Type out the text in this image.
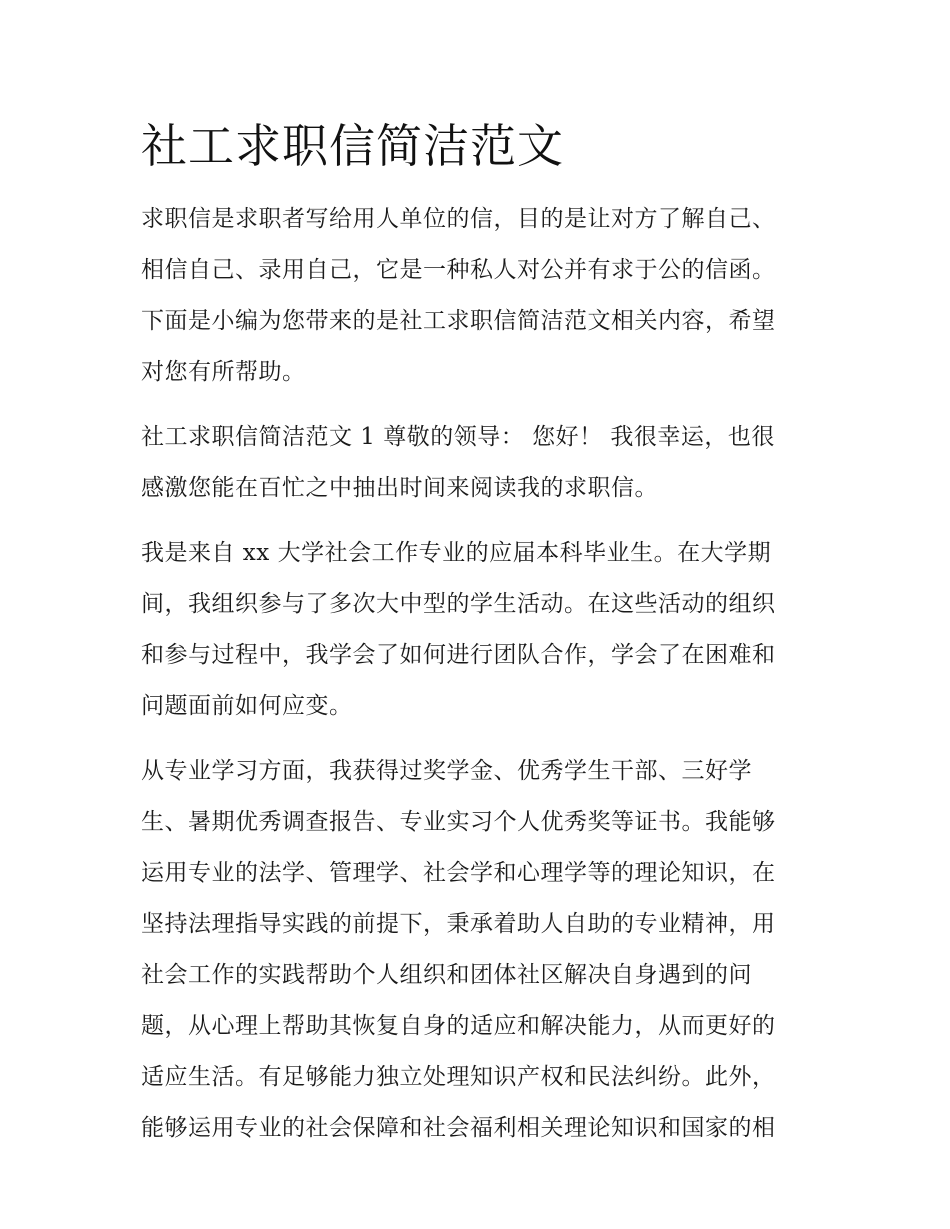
社工求职信简洁范文

求职信是求职者写给用人单位的信，目的是让对方了解自己、
相信自己、录用自己，它是一种私人对公并有求于公的信函。
下面是小编为您带来的是社工求职信简洁范文相关内容，希望
对您有所帮助。

社工求职信简洁范文 1 尊敬的领导： 您好！ 我很幸运，也很
感激您能在百忙之中抽出时间来阅读我的求职信。

我是来自 xx 大学社会工作专业的应届本科毕业生。在大学期
间，我组织参与了多次大中型的学生活动。在这些活动的组织
和参与过程中，我学会了如何进行团队合作，学会了在困难和
问题面前如何应变。

从专业学习方面，我获得过奖学金、优秀学生干部、三好学
生、暑期优秀调查报告、专业实习个人优秀奖等证书。我能够
运用专业的法学、管理学、社会学和心理学等的理论知识，在
坚持法理指导实践的前提下，秉承着助人自助的专业精神，用
社会工作的实践帮助个人组织和团体社区解决自身遇到的问
题，从心理上帮助其恢复自身的适应和解决能力，从而更好的
适应生活。有足够能力独立处理知识产权和民法纠纷。此外，
能够运用专业的社会保障和社会福利相关理论知识和国家的相
